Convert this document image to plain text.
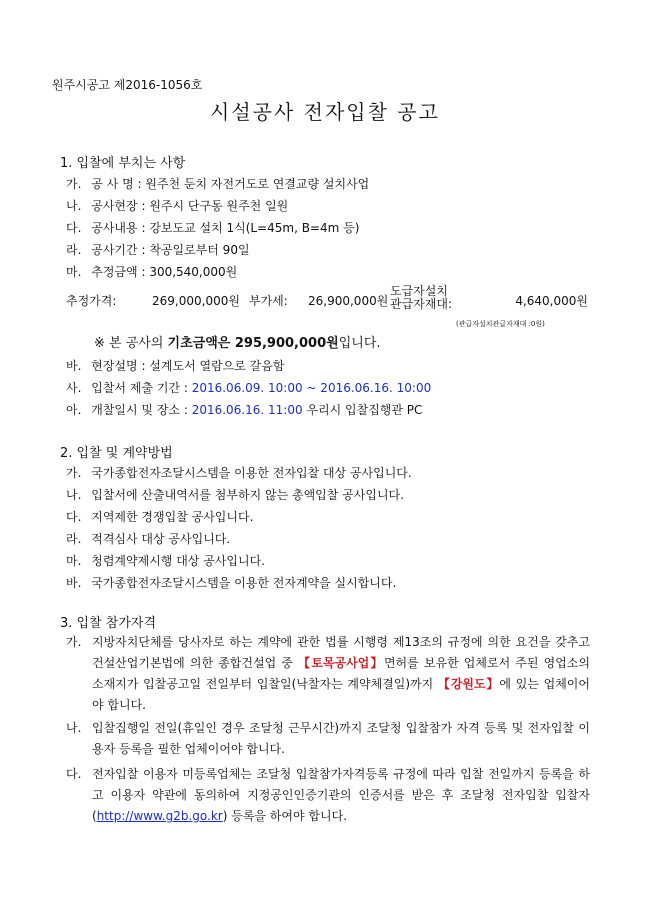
원주시공고 제2016-1056호
시설공사 전자입찰 공고
1. 입찰에 부치는 사항
가. 공 사 명 : 원주천 둔치 자전거도로 연결교량 설치사업
나. 공사현장 : 원주시 단구동 원주천 일원
다. 공사내용 : 강보도교 설치 1식(L=45m, B=4m 등)
라. 공사기간 : 착공일로부터 90일
마. 추정금액 : 300,540,000원
추정가격:	269,000,000원 부가세: 26,900,000원
도급자설치
관급자재대:	4,640,000원
(관급자설치관급자재대 :0원)
※ 본 공사의 기초금액은 295,900,000원입니다.
바. 현장설명 : 설계도서 열람으로 갈음함
사. 입찰서 제출 기간 : 2016.06.09. 10:00 ~ 2016.06.16. 10:00
아. 개찰일시 및 장소 : 2016.06.16. 11:00 우리시 입찰집행관 PC
2. 입찰 및 계약방법
가. 국가종합전자조달시스템을 이용한 전자입찰 대상 공사입니다.
나. 입찰서에 산출내역서를 첨부하지 않는 총액입찰 공사입니다.
다. 지역제한 경쟁입찰 공사입니다.
라. 적격심사 대상 공사입니다.
마. 청렴계약제시행 대상 공사입니다.
바. 국가종합전자조달시스템을 이용한 전자계약을 실시합니다.
3. 입찰 참가자격
가. 지방자치단체를 당사자로 하는 계약에 관한 법률 시행령 제13조의 규정에 의한 요건을 갖추고 건설산업기본법에 의한 종합건설업 중 【토목공사업】면허를 보유한 업체로서 주된 영업소의 소재지가 입찰공고일 전일부터 입찰일(낙찰자는 계약체결일)까지 【강원도】에 있는 업체이어야 합니다.
나. 입찰집행일 전일(휴일인 경우 조달청 근무시간)까지 조달청 입찰참가 자격 등록 및 전자입찰 이용자 등록을 필한 업체이어야 합니다.
다. 전자입찰 이용자 미등록업체는 조달청 입찰참가자격등록 규정에 따라 입찰 전일까지 등록을 하고 이용자 약관에 동의하여 지정공인인증기관의 인증서를 받은 후 조달청 전자입찰 입찰자(http://www.g2b.go.kr) 등록을 하여야 합니다.
